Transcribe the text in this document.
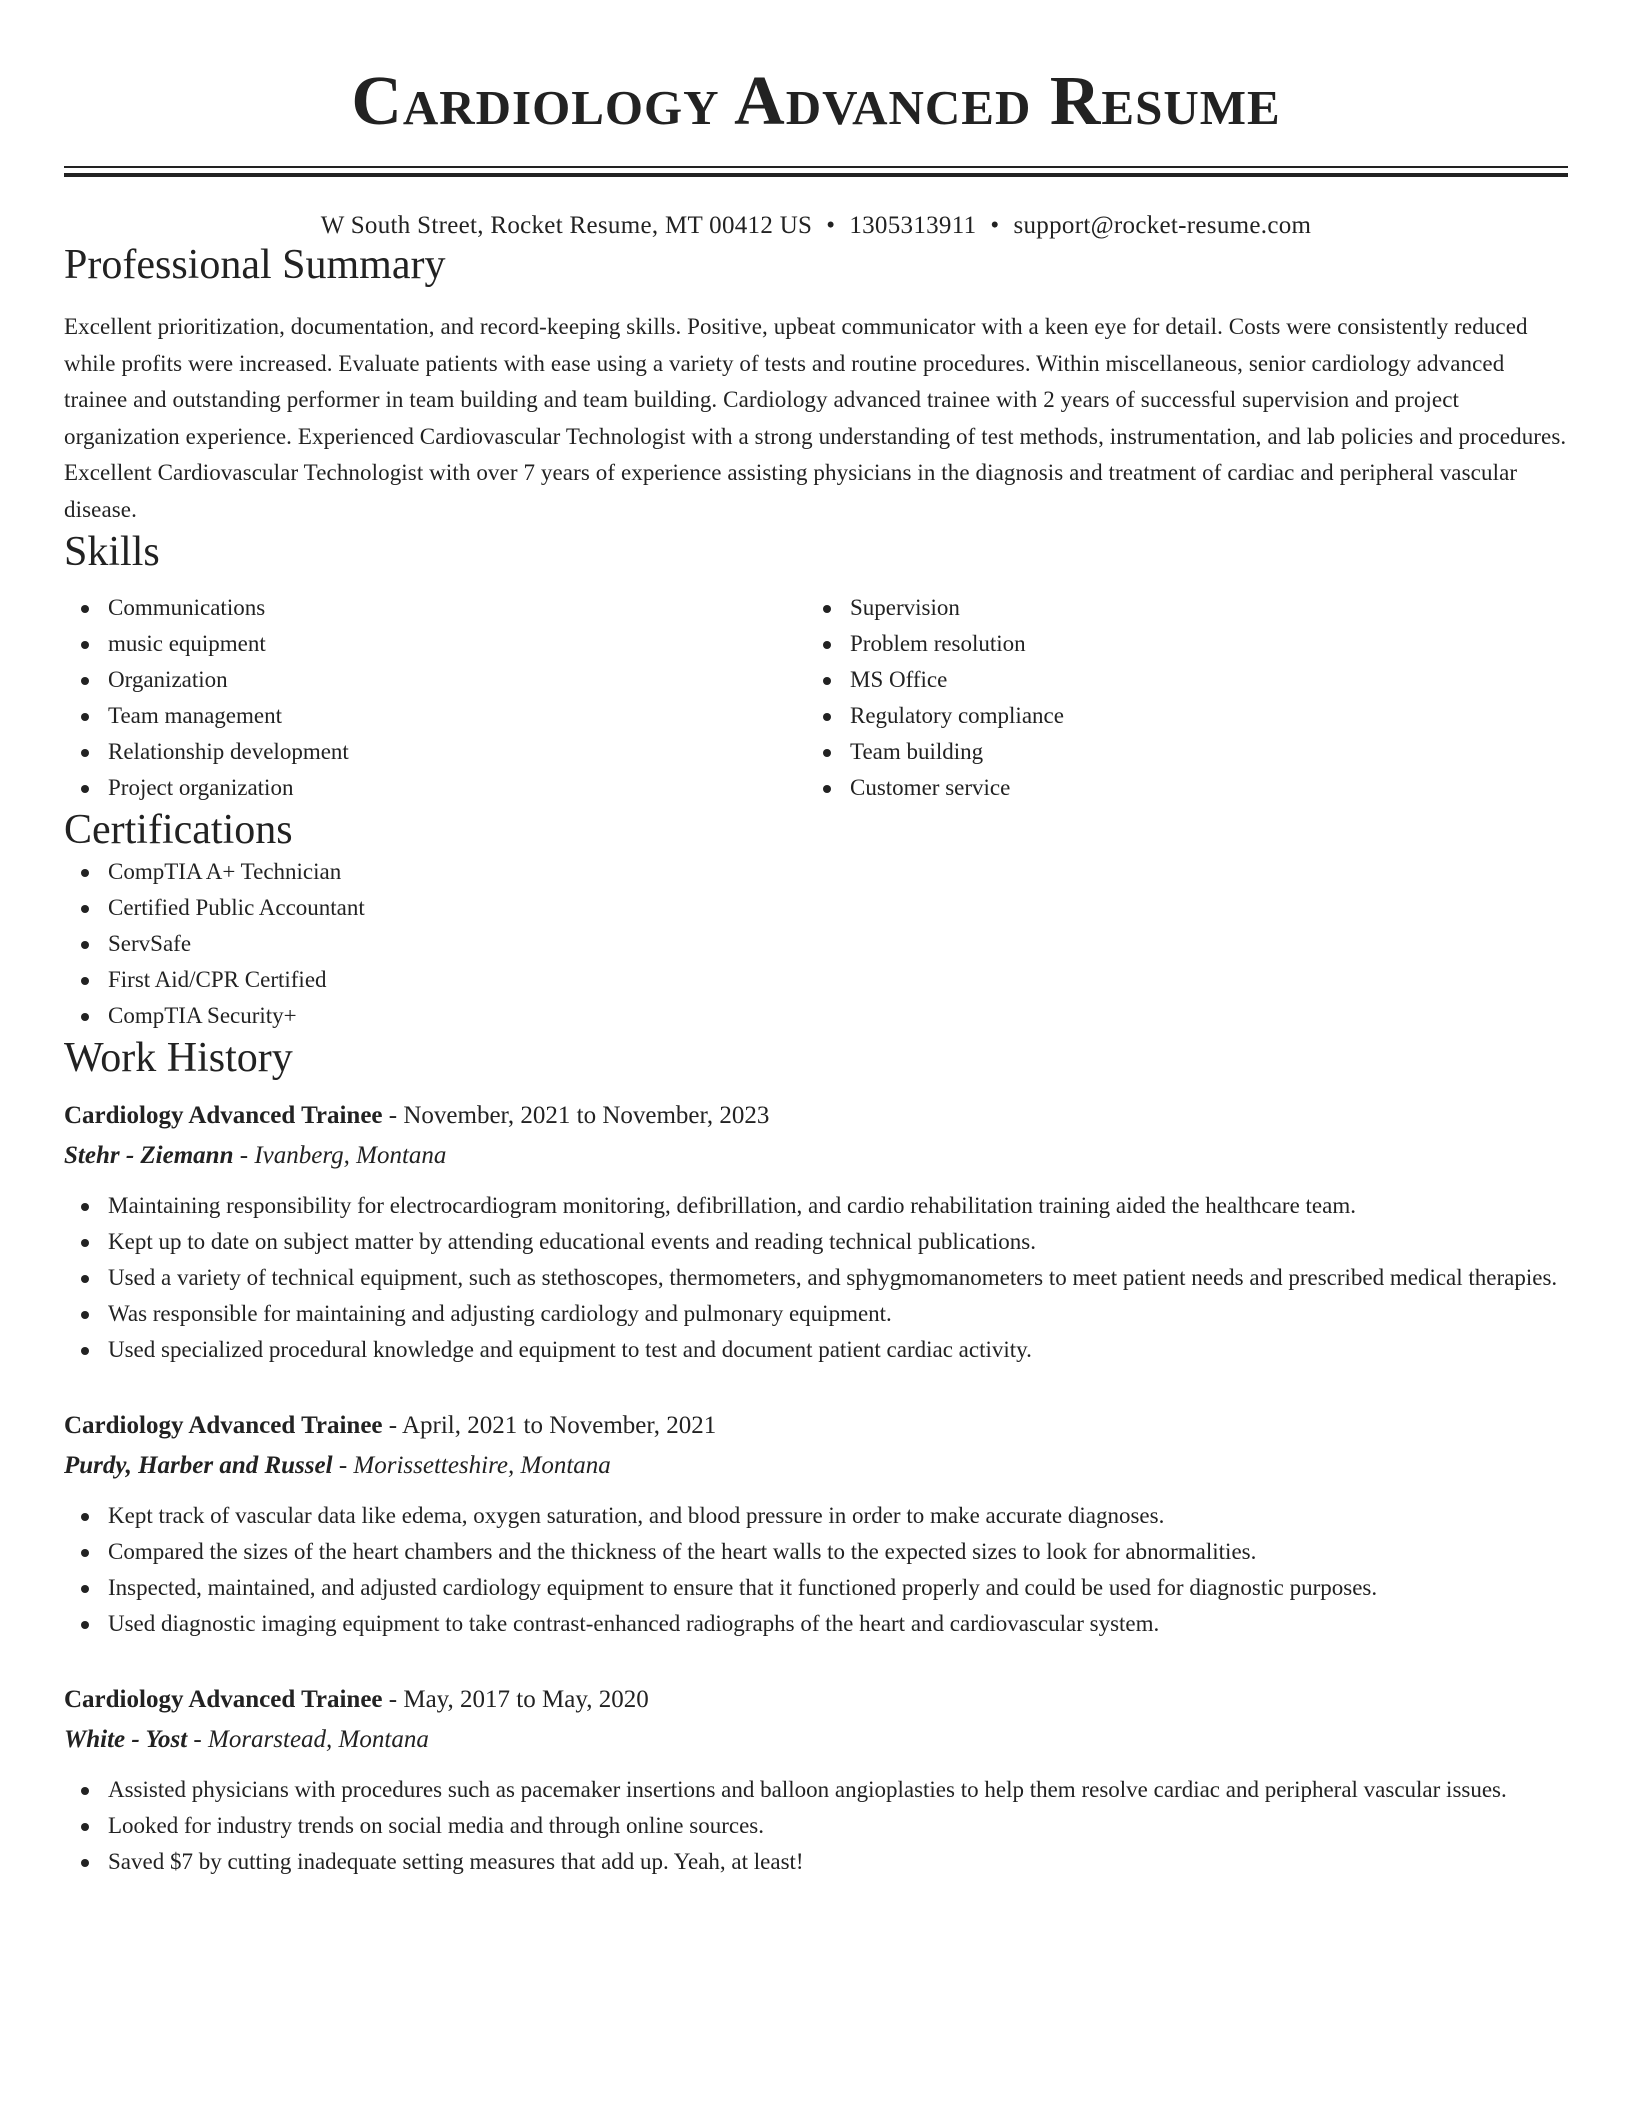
Cardiology Advanced Resume
W South Street, Rocket Resume, MT 00412 US • 1305313911 • support@rocket-resume.com
Professional Summary
Excellent prioritization, documentation, and record-keeping skills. Positive, upbeat communicator with a keen eye for detail. Costs were consistently reduced while profits were increased. Evaluate patients with ease using a variety of tests and routine procedures. Within miscellaneous, senior cardiology advanced trainee and outstanding performer in team building and team building. Cardiology advanced trainee with 2 years of successful supervision and project organization experience. Experienced Cardiovascular Technologist with a strong understanding of test methods, instrumentation, and lab policies and procedures. Excellent Cardiovascular Technologist with over 7 years of experience assisting physicians in the diagnosis and treatment of cardiac and peripheral vascular disease.
Skills
Communications
music equipment
Organization
Team management
Relationship development
Project organization
Supervision
Problem resolution
MS Office
Regulatory compliance
Team building
Customer service
Certifications
CompTIA A+ Technician
Certified Public Accountant
ServSafe
First Aid/CPR Certified
CompTIA Security+
Work History
Cardiology Advanced Trainee - November, 2021 to November, 2023
Stehr - Ziemann - Ivanberg, Montana
Maintaining responsibility for electrocardiogram monitoring, defibrillation, and cardio rehabilitation training aided the healthcare team.
Kept up to date on subject matter by attending educational events and reading technical publications.
Used a variety of technical equipment, such as stethoscopes, thermometers, and sphygmomanometers to meet patient needs and prescribed medical therapies.
Was responsible for maintaining and adjusting cardiology and pulmonary equipment.
Used specialized procedural knowledge and equipment to test and document patient cardiac activity.
Cardiology Advanced Trainee - April, 2021 to November, 2021
Purdy, Harber and Russel - Morissetteshire, Montana
Kept track of vascular data like edema, oxygen saturation, and blood pressure in order to make accurate diagnoses.
Compared the sizes of the heart chambers and the thickness of the heart walls to the expected sizes to look for abnormalities.
Inspected, maintained, and adjusted cardiology equipment to ensure that it functioned properly and could be used for diagnostic purposes.
Used diagnostic imaging equipment to take contrast-enhanced radiographs of the heart and cardiovascular system.
Cardiology Advanced Trainee - May, 2017 to May, 2020
White - Yost - Morarstead, Montana
Assisted physicians with procedures such as pacemaker insertions and balloon angioplasties to help them resolve cardiac and peripheral vascular issues.
Looked for industry trends on social media and through online sources.
Saved $7 by cutting inadequate setting measures that add up. Yeah, at least!
